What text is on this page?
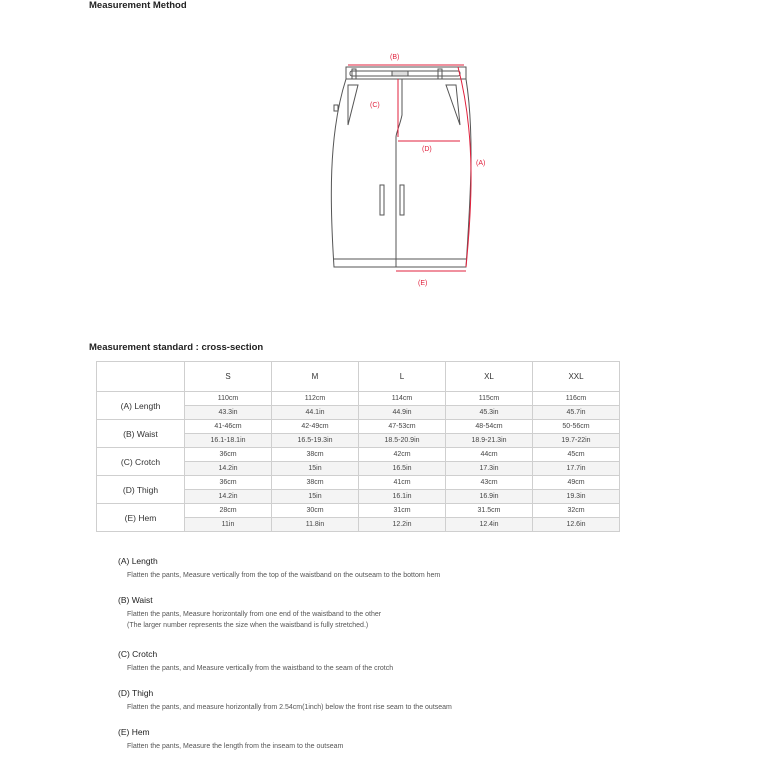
Measurement Method
(B)
(C)
(D)
(A)
(E)
Measurement standard : cross-section
	S	M	L	XL	XXL
(A) Length	110cm	112cm	114cm	115cm	116cm
	43.3in	44.1in	44.9in	45.3in	45.7in
(B) Waist	41-46cm	42-49cm	47-53cm	48-54cm	50-56cm
	16.1-18.1in	16.5-19.3in	18.5-20.9in	18.9-21.3in	19.7-22in
(C) Crotch	36cm	38cm	42cm	44cm	45cm
	14.2in	15in	16.5in	17.3in	17.7in
(D) Thigh	36cm	38cm	41cm	43cm	49cm
	14.2in	15in	16.1in	16.9in	19.3in
(E) Hem	28cm	30cm	31cm	31.5cm	32cm
	11in	11.8in	12.2in	12.4in	12.6in
(A) Length
Flatten the pants, Measure vertically from the top of the waistband on the outseam to the bottom hem
(B) Waist
Flatten the pants, Measure horizontally from one end of the waistband to the other
(The larger number represents the size when the waistband is fully stretched.)
(C) Crotch
Flatten the pants, and Measure vertically from the waistband to the seam of the crotch
(D) Thigh
Flatten the pants, and measure horizontally from 2.54cm(1inch) below the front rise seam to the outseam
(E) Hem
Flatten the pants, Measure the length from the inseam to the outseam
